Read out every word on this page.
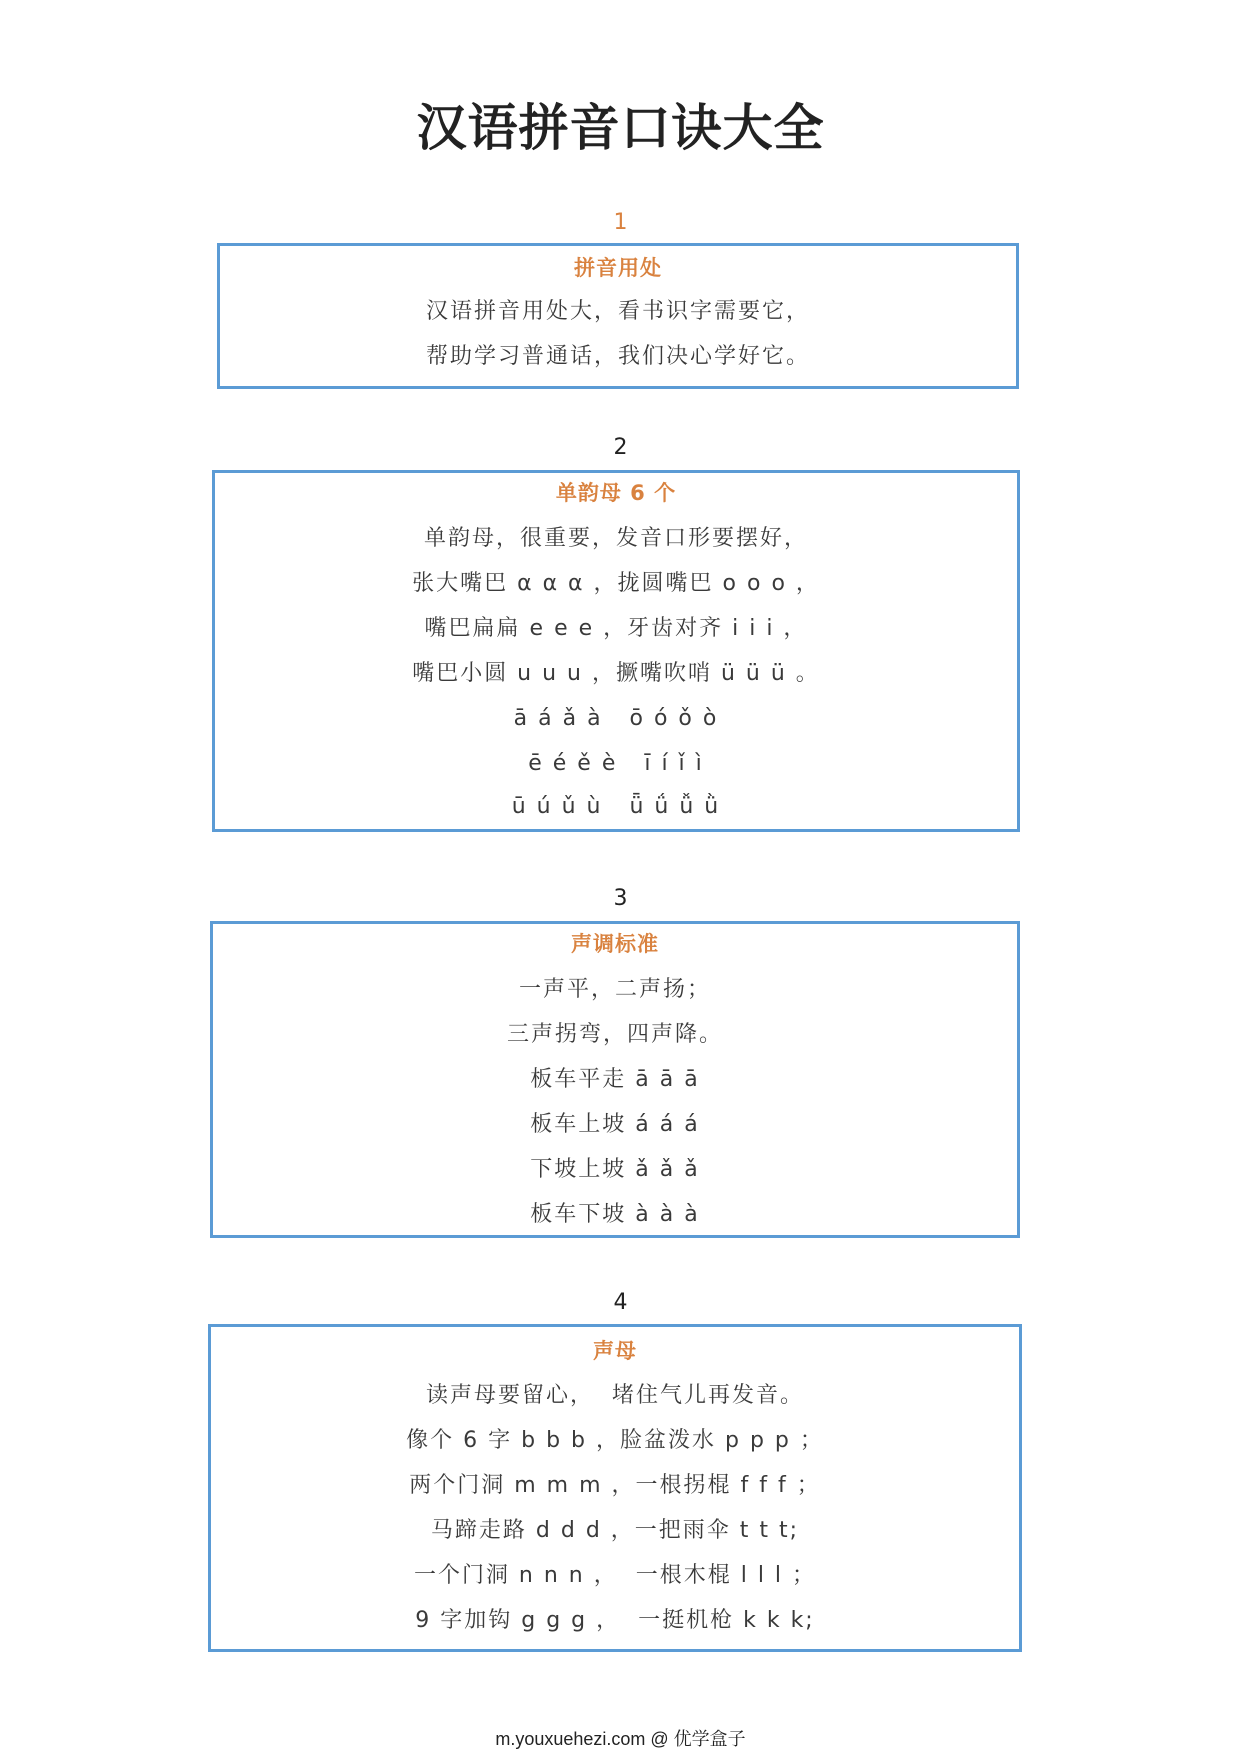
汉语拼音口诀大全
1
拼音用处
汉语拼音用处大，看书识字需要它，
帮助学习普通话，我们决心学好它。
2
单韵母 6 个
单韵母，很重要，发音口形要摆好，
张大嘴巴 α α α ，拢圆嘴巴 o o o ，
嘴巴扁扁 e e e ，牙齿对齐 i i i ，
嘴巴小圆 u u u ，撅嘴吹哨 ü ü ü 。
ā á ǎ à   ō ó ǒ ò
ē é ě è   ī í ǐ ì
ū ú ǔ ù   ǖ ǘ ǚ ǜ
3
声调标准
一声平，二声扬；
三声拐弯，四声降。
板车平走 ā ā ā
板车上坡 á á á
下坡上坡 ǎ ǎ ǎ
板车下坡 à à à
4
声母
读声母要留心，  堵住气儿再发音。
像个 6 字 b b b ，脸盆泼水 p p p ；
两个门洞 m m m ，一根拐棍 f f f ；
马蹄走路 d d d ，一把雨伞 t t t;
一个门洞 n n n ，  一根木棍 l l l ；
9 字加钩 g g g ，  一挺机枪 k k k;
m.youxuehezi.com @ 优学盒子
